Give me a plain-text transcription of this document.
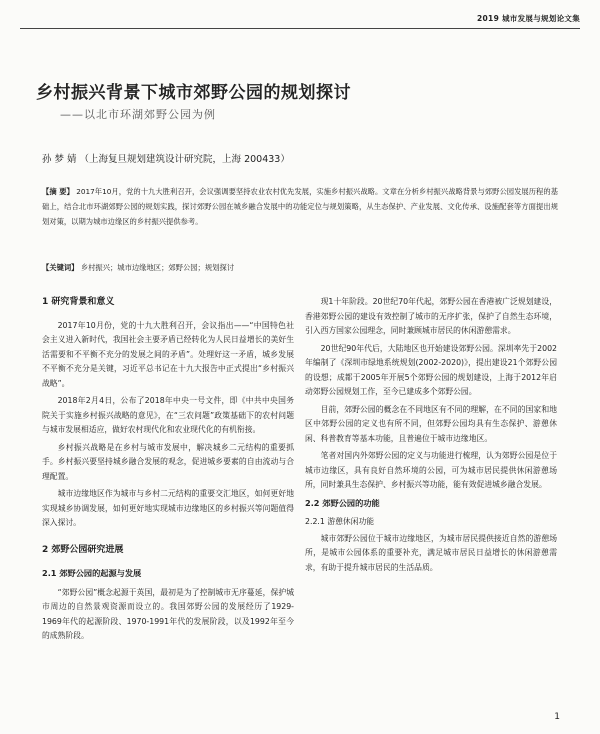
2019 城市发展与规划论文集
乡村振兴背景下城市郊野公园的规划探讨
——以北市环湖郊野公园为例
孙 梦 婧 （上海复旦规划建筑设计研究院，上海 200433）

【摘 要】 2017年10月，党的十九大胜利召开，会议强调要坚持农业农村优先发展，实施乡村振兴战略。文章在分析乡村振兴战略背景与郊野公园发展历程的基础上，结合北市环湖郊野公园的规划实践，探讨郊野公园在城乡融合发展中的功能定位与规划策略，从生态保护、产业发展、文化传承、设施配套等方面提出规划对策，以期为城市边缘区的乡村振兴提供参考。

【关键词】 乡村振兴；城市边缘地区；郊野公园；规划探讨

1 研究背景和意义

2017年10月份，党的十九大胜利召开，会议指出——“中国特色社会主义进入新时代，我国社会主要矛盾已经转化为人民日益增长的美好生活需要和不平衡不充分的发展之间的矛盾”。处理好这一矛盾，城乡发展不平衡不充分是关键，习近平总书记在十九大报告中正式提出“乡村振兴战略”。

2018年2月4日，公布了2018年中央一号文件，即《中共中央国务院关于实施乡村振兴战略的意见》，在“三农问题”政策基础下的农村问题与城市发展相适应，做好农村现代化和农业现代化的有机衔接。

乡村振兴战略是在乡村与城市发展中，解决城乡二元结构的重要抓手。乡村振兴要坚持城乡融合发展的观念，促进城乡要素的自由流动与合理配置。

城市边缘地区作为城市与乡村二元结构的重要交汇地区，如何更好地实现城乡协调发展，如何更好地实现城市边缘地区的乡村振兴等问题值得深入探讨。

2 郊野公园研究进展
2.1 郊野公园的起源与发展

“郊野公园”概念起源于英国，最初是为了控制城市无序蔓延，保护城市周边的自然景观资源而设立的。我国郊野公园的发展经历了1929-1969年代的起源阶段、1970-1991年代的发展阶段，以及1992年至今的成熟阶段。

现1十年阶段。20世纪70年代起，郊野公园在香港被广泛规划建设，香港郊野公园的建设有效控制了城市的无序扩张，保护了自然生态环境，引入西方国家公园理念，同时兼顾城市居民的休闲游憩需求。

20世纪90年代后，大陆地区也开始建设郊野公园。深圳率先于2002年编制了《深圳市绿地系统规划(2002-2020)》，提出建设21个郊野公园的设想；成都于2005年开展5个郊野公园的规划建设，上海于2012年启动郊野公园规划工作，至今已建成多个郊野公园。

目前，郊野公园的概念在不同地区有不同的理解，在不同的国家和地区中郊野公园的定义也有所不同，但郊野公园均具有生态保护、游憩休闲、科普教育等基本功能，且普遍位于城市边缘地区。

笔者对国内外郊野公园的定义与功能进行梳理，认为郊野公园是位于城市边缘区，具有良好自然环境的公园，可为城市居民提供休闲游憩场所，同时兼具生态保护、乡村振兴等功能，能有效促进城乡融合发展。

2.2 郊野公园的功能
2.2.1 游憩休闲功能

城市郊野公园位于城市边缘地区，为城市居民提供接近自然的游憩场所，是城市公园体系的重要补充，满足城市居民日益增长的休闲游憩需求，有助于提升城市居民的生活品质。

1
